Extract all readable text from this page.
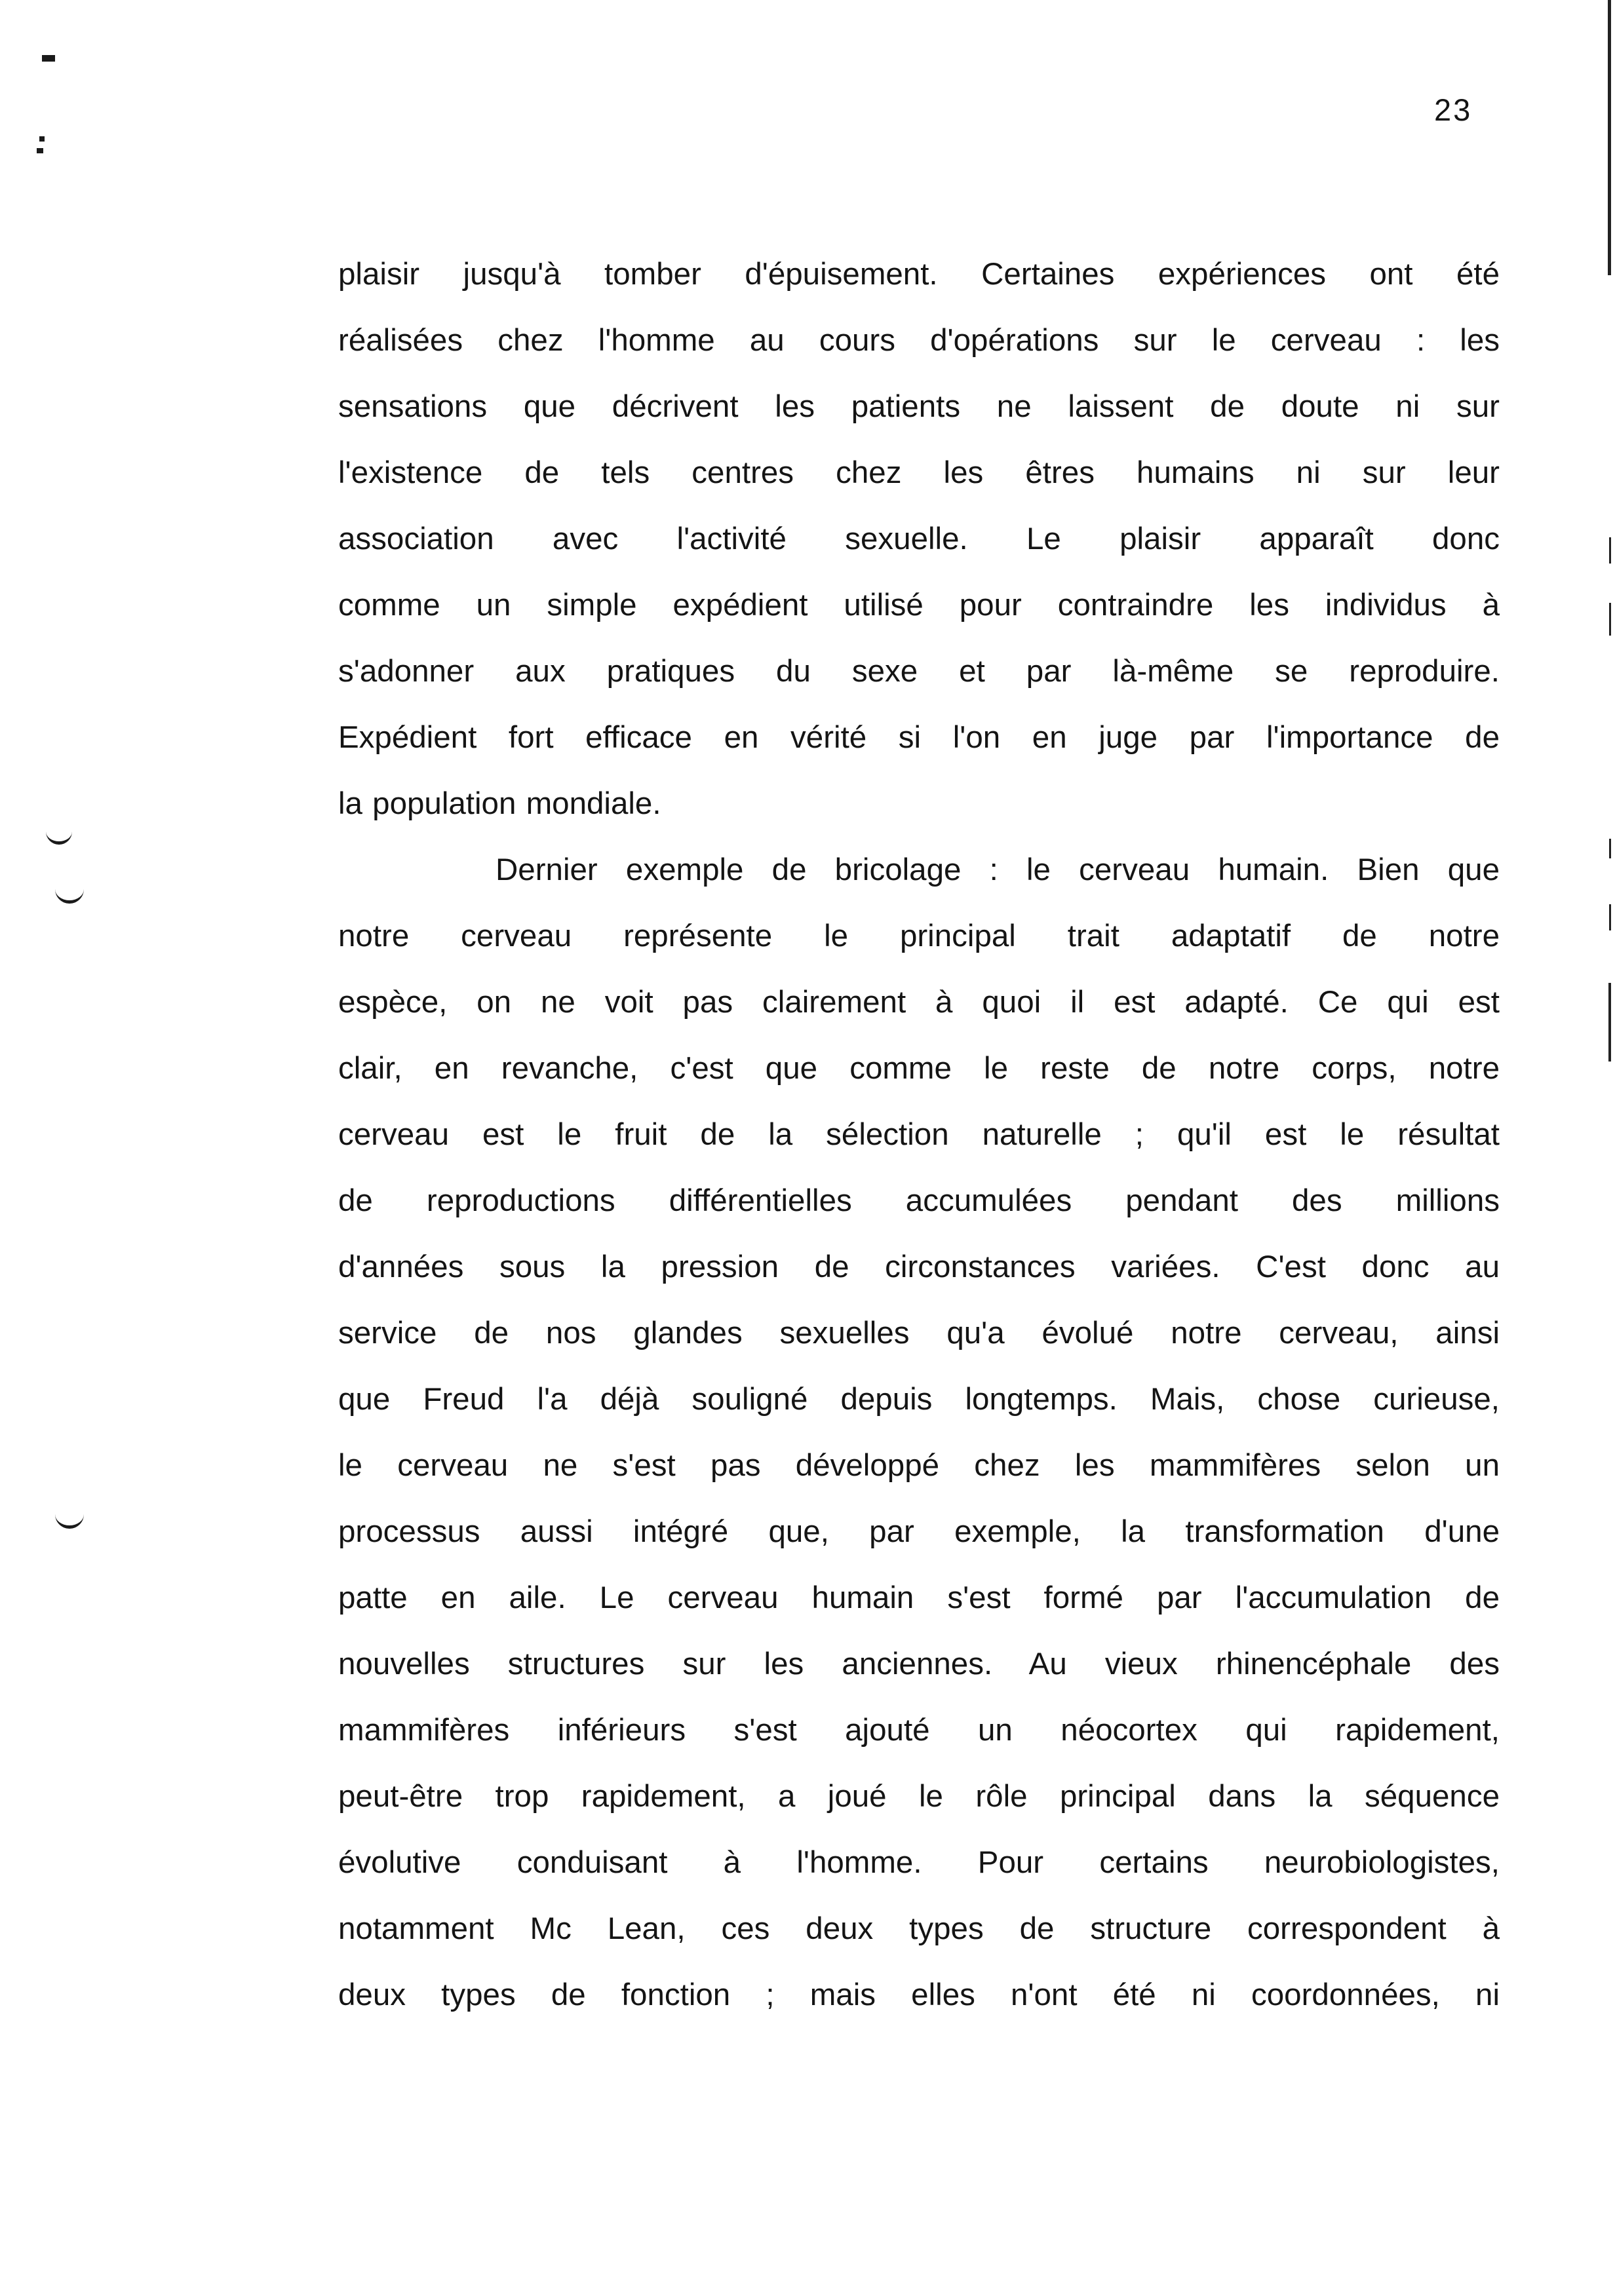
23
plaisir jusqu'à tomber d'épuisement. Certaines expériences ont été
réalisées chez l'homme au cours d'opérations sur le cerveau : les
sensations que décrivent les patients ne laissent de doute ni sur
l'existence de tels centres chez les êtres humains ni sur leur
association avec l'activité sexuelle. Le plaisir apparaît donc
comme un simple expédient utilisé pour contraindre les individus à
s'adonner aux pratiques du sexe et par là-même se reproduire.
Expédient fort efficace en vérité si l'on en juge par l'importance de
la population mondiale.
Dernier exemple de bricolage : le cerveau humain. Bien que
notre cerveau représente le principal trait adaptatif de notre
espèce, on ne voit pas clairement à quoi il est adapté. Ce qui est
clair, en revanche, c'est que comme le reste de notre corps, notre
cerveau est le fruit de la sélection naturelle ; qu'il est le résultat
de reproductions différentielles accumulées pendant des millions
d'années sous la pression de circonstances variées. C'est donc au
service de nos glandes sexuelles qu'a évolué notre cerveau, ainsi
que Freud l'a déjà souligné depuis longtemps. Mais, chose curieuse,
le cerveau ne s'est pas développé chez les mammifères selon un
processus aussi intégré que, par exemple, la transformation d'une
patte en aile. Le cerveau humain s'est formé par l'accumulation de
nouvelles structures sur les anciennes. Au vieux rhinencéphale des
mammifères inférieurs s'est ajouté un néocortex qui rapidement,
peut-être trop rapidement, a joué le rôle principal dans la séquence
évolutive conduisant à l'homme. Pour certains neurobiologistes,
notamment Mc Lean, ces deux types de structure correspondent à
deux types de fonction ; mais elles n'ont été ni coordonnées, ni
